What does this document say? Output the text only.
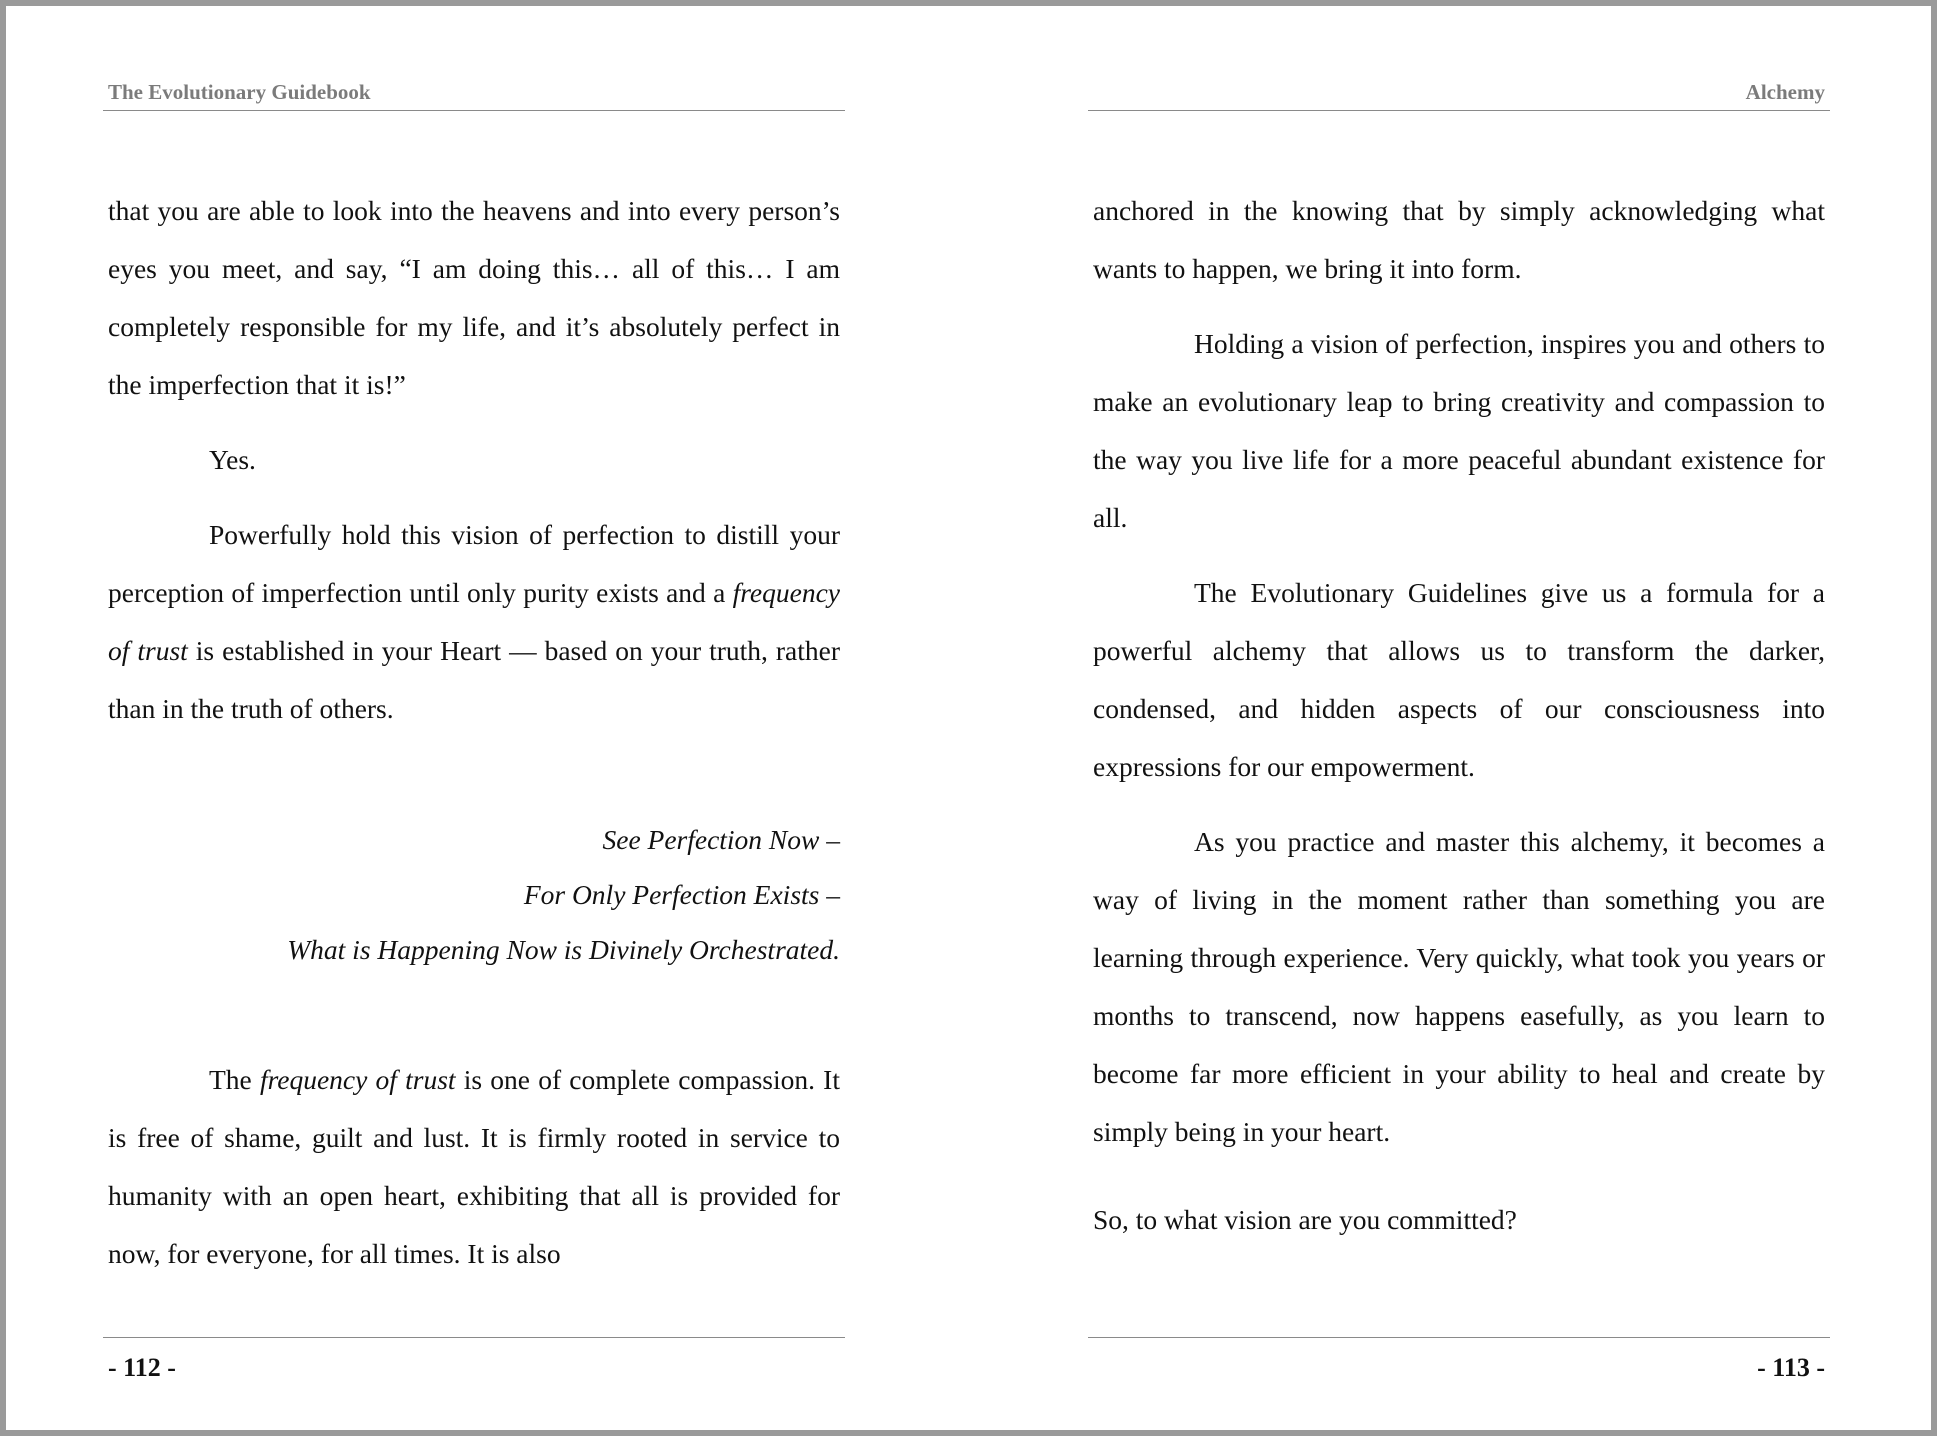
The Evolutionary Guidebook

that you are able to look into the heavens and into every person’s eyes you meet, and say, “I am doing this… all of this… I am completely responsible for my life, and it’s absolutely perfect in the imperfection that it is!”

Yes.

Powerfully hold this vision of perfection to distill your perception of imperfection until only purity exists and a frequency of trust is established in your Heart — based on your truth, rather than in the truth of others.

See Perfection Now –
For Only Perfection Exists –
What is Happening Now is Divinely Orchestrated.

The frequency of trust is one of complete compassion. It is free of shame, guilt and lust. It is firmly rooted in service to humanity with an open heart, exhibiting that all is provided for now, for everyone, for all times. It is also

- 112 -
Alchemy

anchored in the knowing that by simply acknowledging what wants to happen, we bring it into form.

Holding a vision of perfection, inspires you and others to make an evolutionary leap to bring creativity and compassion to the way you live life for a more peaceful abundant existence for all.

The Evolutionary Guidelines give us a formula for a powerful alchemy that allows us to transform the darker, condensed, and hidden aspects of our consciousness into expressions for our empowerment.

As you practice and master this alchemy, it becomes a way of living in the moment rather than something you are learning through experience. Very quickly, what took you years or months to transcend, now happens easefully, as you learn to become far more efficient in your ability to heal and create by simply being in your heart.

So, to what vision are you committed?

- 113 -
